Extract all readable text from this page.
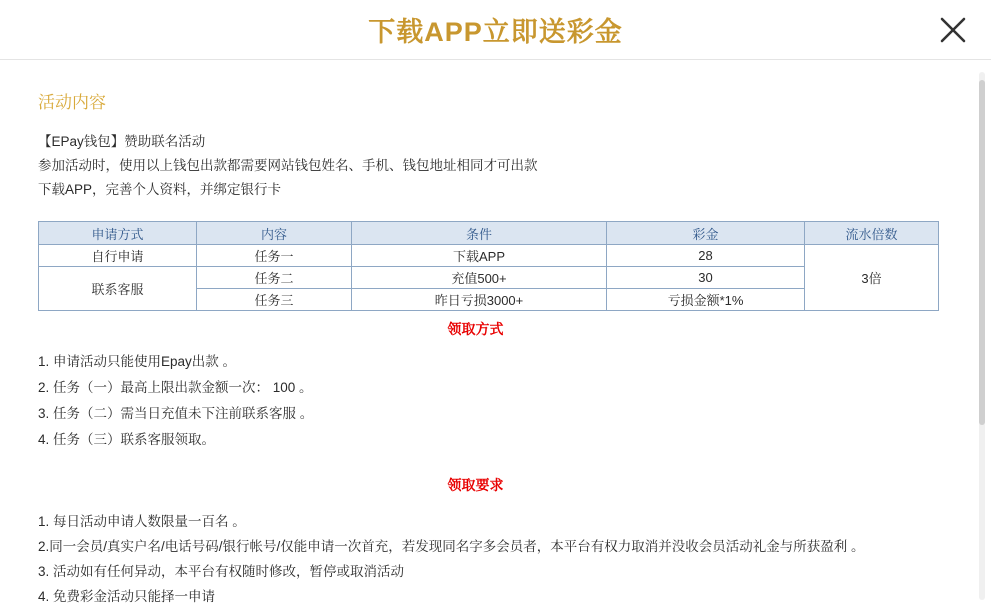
下载APP立即送彩金
活动内容

【EPay钱包】赞助联名活动

参加活动时，使用以上钱包出款都需要网站钱包姓名、手机、钱包地址相同才可出款

下载APP，完善个人资料，并绑定银行卡

申请方式	内容	条件	彩金	流水倍数
自行申请	任务一	下载APP	28	3倍
联系客服	任务二	充值500+	30	
	任务三	昨日亏损3000+	亏损金额*1%	
领取方式
1. 申请活动只能使用Epay出款 。
2. 任务（一）最高上限出款金额一次： 100 。
3. 任务（二）需当日充值未下注前联系客服 。
4. 任务（三）联系客服领取。
领取要求
1. 每日活动申请人数限量一百名 。
2.同一会员/真实户名/电话号码/银行帐号/仅能申请一次首充，若发现同名字多会员者，本平台有权力取消并没收会员活动礼金与所获盈利 。
3. 活动如有任何异动，本平台有权随时修改，暂停或取消活动
4. 免费彩金活动只能择一申请
